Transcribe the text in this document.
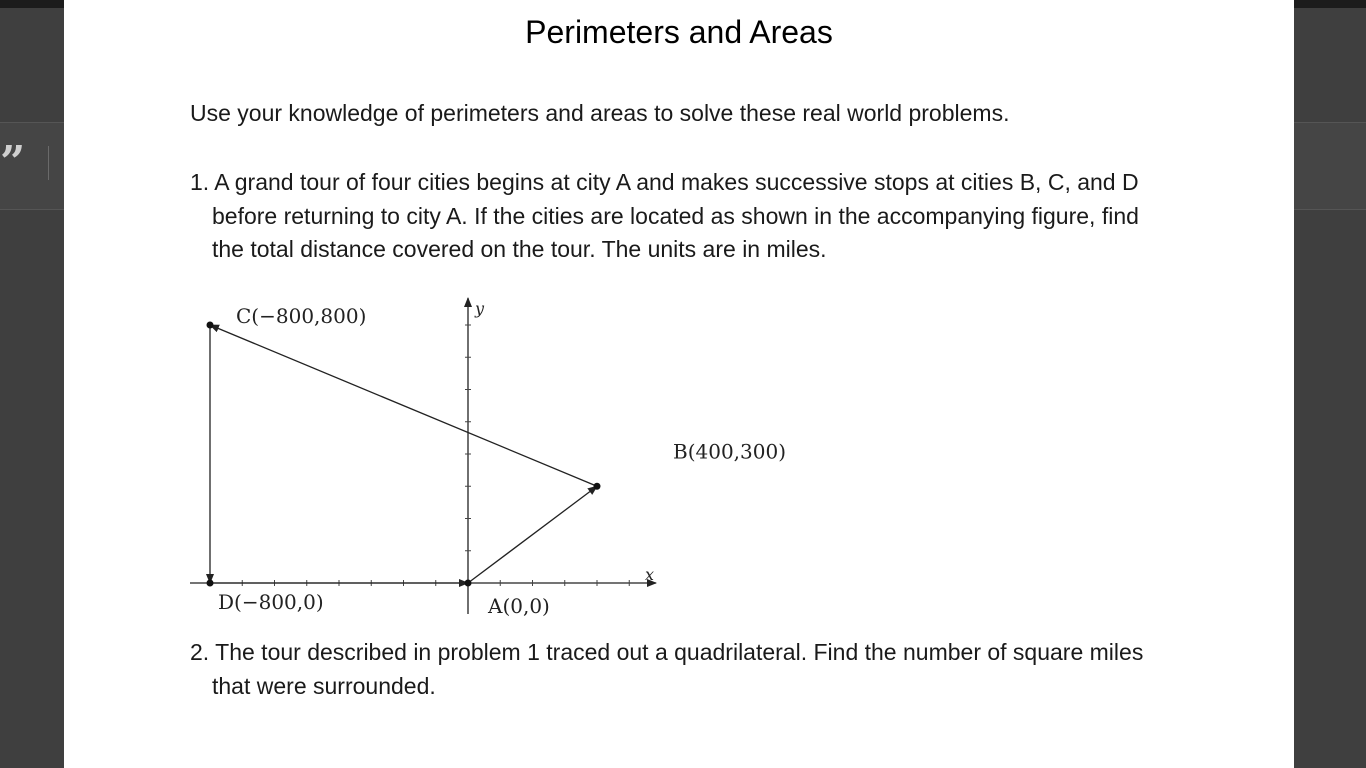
”
Perimeters and Areas

Use your knowledge of perimeters and areas to solve these real world problems.

1. A grand tour of four cities begins at city A and makes successive stops at cities B, C, and D before returning to city A. If the cities are located as shown in the accompanying figure, find the total distance covered on the tour. The units are in miles.

x
y
A(0,0)
B(400,300)
C(−800,800)
D(−800,0)

2. The tour described in problem 1 traced out a quadrilateral. Find the number of square miles that were surrounded.
